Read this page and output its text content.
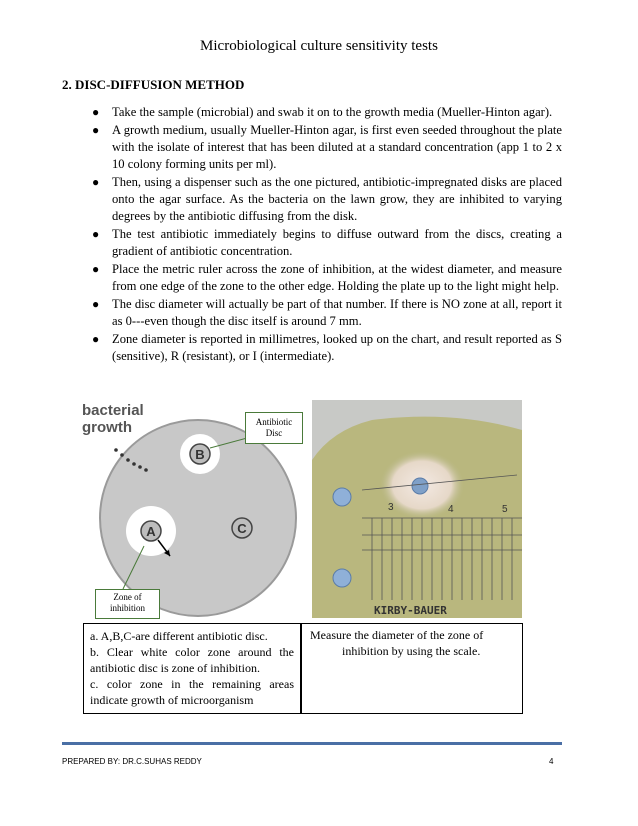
Microbiological culture sensitivity tests
2. DISC-DIFFUSION METHOD
● Take the sample (microbial) and swab it on to the growth media (Mueller-Hinton agar).
● A growth medium, usually Mueller-Hinton agar, is first even seeded throughout the plate with the isolate of interest that has been diluted at a standard concentration (app 1 to 2 x 10 colony forming units per ml).
● Then, using a dispenser such as the one pictured, antibiotic-impregnated disks are placed onto the agar surface. As the bacteria on the lawn grow, they are inhibited to varying degrees by the antibiotic diffusing from the disk.
● The test antibiotic immediately begins to diffuse outward from the discs, creating a gradient of antibiotic concentration.
● Place the metric ruler across the zone of inhibition, at the widest diameter, and measure from one edge of the zone to the other edge. Holding the plate up to the light might help.
● The disc diameter will actually be part of that number. If there is NO zone at all, report it as 0---even though the disc itself is around 7 mm.
● Zone diameter is reported in millimetres, looked up on the chart, and result reported as S (sensitive), R (resistant), or I (intermediate).
B
A	C
bacterial
growth	Antibiotic
Disc
Zone of
inhibition
3	4	5
KIRBY-BAUER
a. A,B,C-are different antibiotic disc.
b. Clear white color zone around the antibiotic disc is zone of inhibition.
c. color zone in the remaining areas indicate growth of microorganism
Measure the diameter of the zone of
inhibition by using the scale.
PREPARED BY: DR.C.SUHAS REDDY	4
